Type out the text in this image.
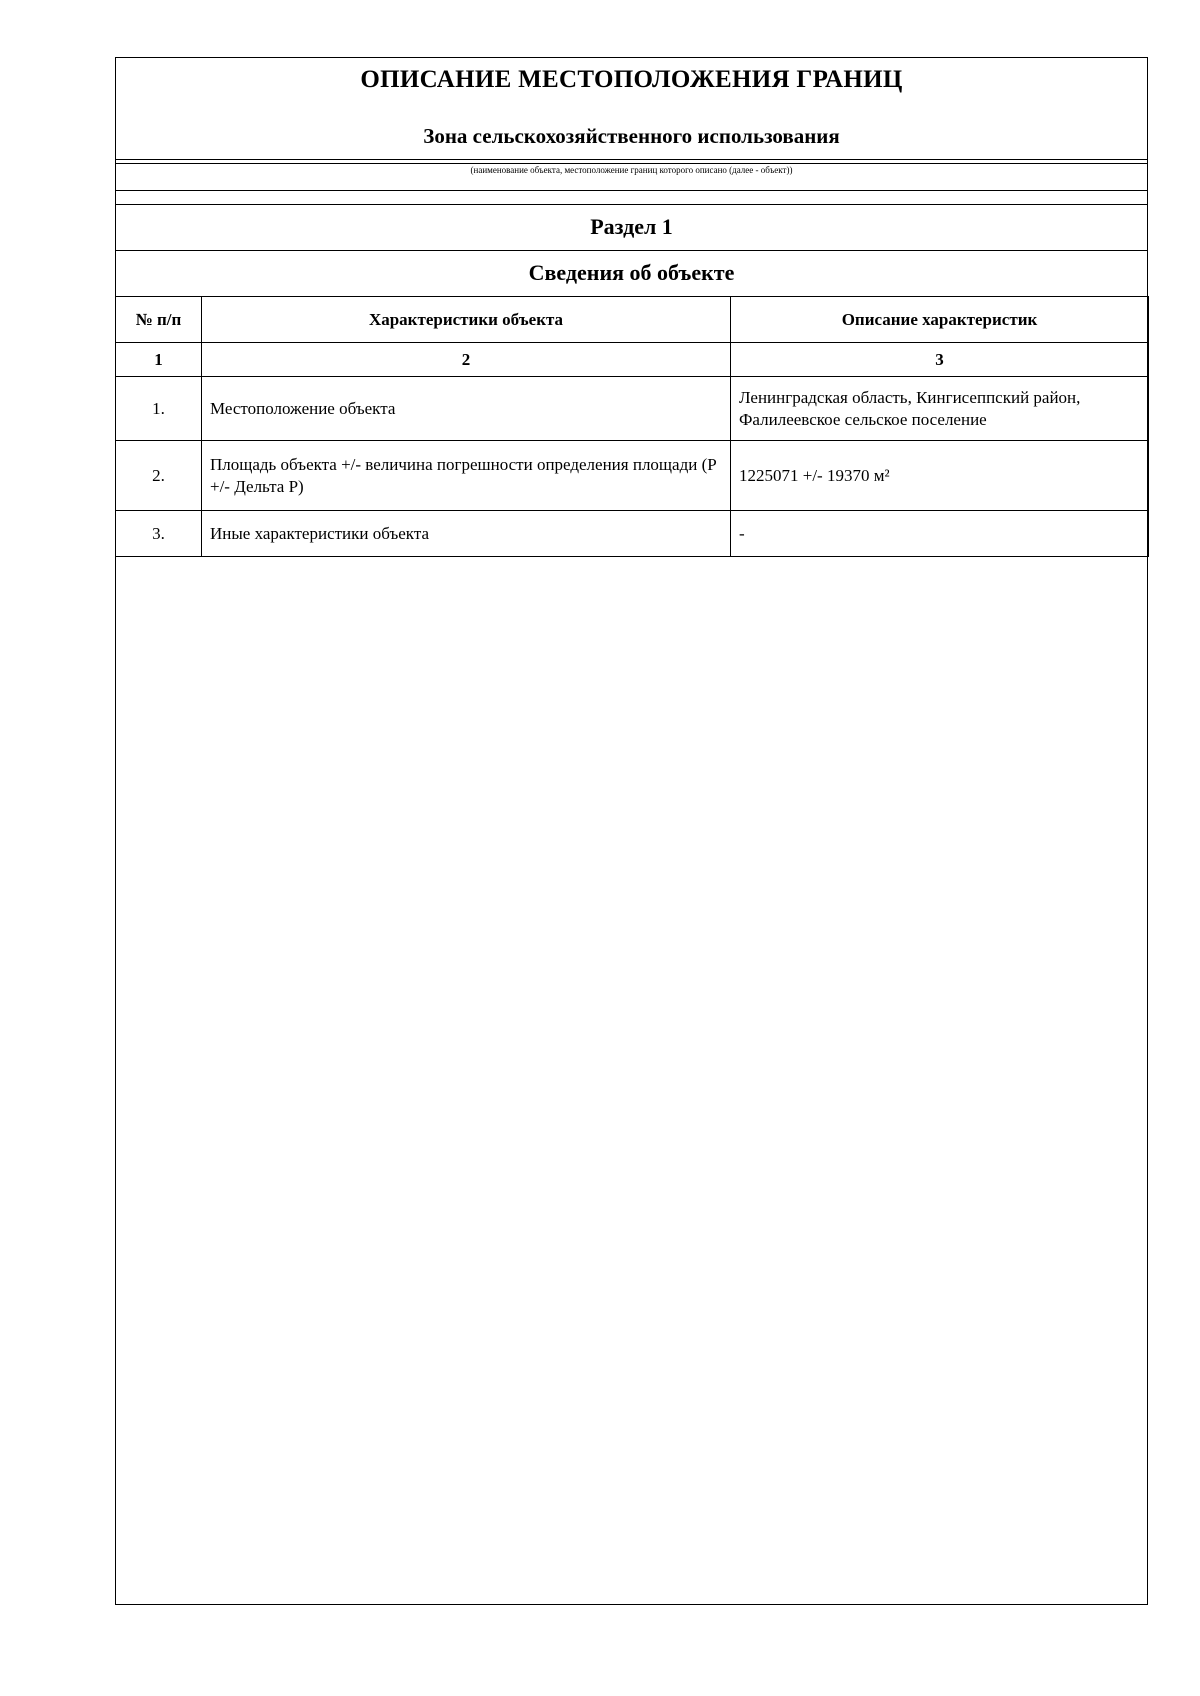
ОПИСАНИЕ МЕСТОПОЛОЖЕНИЯ ГРАНИЦ
Зона сельскохозяйственного использования
(наименование объекта, местоположение границ которого описано (далее - объект))
Раздел 1
Сведения об объекте
№ п/п	Характеристики объекта	Описание характеристик
1	2	3
1.	Местоположение объекта	Ленинградская область, Кингисеппский район, Фалилеевское сельское поселение
2.	Площадь объекта +/- величина погрешности определения площади (Р +/- Дельта Р)	1225071 +/- 19370 м²
3.	Иные характеристики объекта	-
